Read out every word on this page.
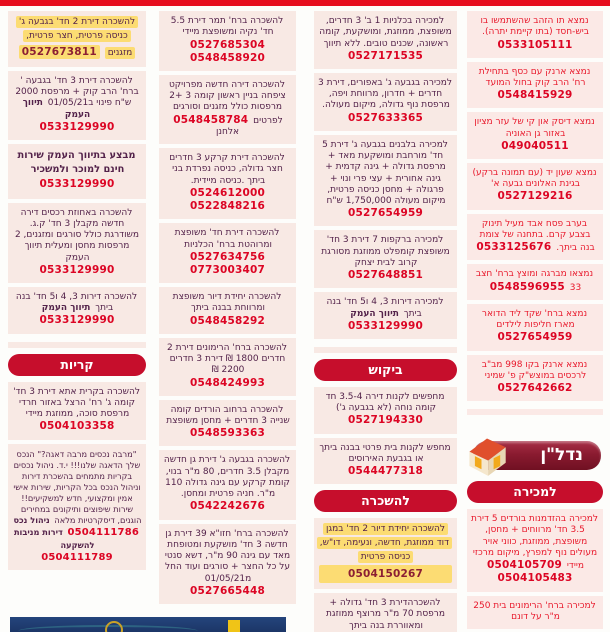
להשכרה דירת 2 חד' בגבעה ג' כניסה פרטית, חצר פרטית, מזגנים 0527673811
להשכרה דירת 3 חד' בגבעה ' ברח' הרב קוק + מרפסת 2000 ש"ח פינוי ב01/05/21 תיווך העמק
0533129990
מבצע בתיווך העמק שירות חינם למוכר ולמשכיר 0533129990
להשכרה באחוזת רכסים דירה חדשה מקבלן 3 חד' ק.ג. משודרגת כולל סורגים ומזגנים, 2 מרפסות מחסן ומעלית תיווך העמק
0533129990
להשכרה דירות 3, 4 ו5 חד' בנה ביתך תיווך העמק
0533129990
קריות
להשכרה בקרית אתא דירת 3 חד' קומה ג' רח' הרצל באזור חרדי מרפסת סוכה, ממוזגת מיידי 0504103358
"מרבה נכסים מרבה דאגה?" הנכס שלך הדאגה שלנו!!! י.ד. ניהול נכסים בקריות מתמחים בהשכרת דירות וניהול הנכס בכל הקריות, שירות אישי אמין ומקצועי, חדש למשקיעים!! שירות שיפוצים ותיקונים במחירים הוגנים, דיסקרטיות מלאה ניהול נכס 0504111786 דירות מניבות להשקעה
0504111789
להשכרה ברח' תמר דירת 5.5 חד' נקיה ומשופצת מיידי 0527685304
0548458920
להשכרה דירה חדשה מפרויקט ציפחה בניין ראשון קומה 3 +2 מרפסות כולל מזגנים וסורגים לפרטים 0548458784 אלחנן
להשכרה דירת קרקע 3 חדרים חצר גדולה, כניסה נפרדת בני ביתך .כניסה מיידית. 0524612000
0522848216
להשכרה דירת חד' משופצת ומרוהטת ברח' הכלניות 0527634756
0773003407
להשכרה יחידת דיור משופצת ומרווחת בבנה ביתך
0548458292
להשכרה ברח' הרימונים דירת 2 חדרים 1800 ₪ דירת 3 חדרים 2200 ₪
0548424993
להשכרה ברחוב הורדים קומה שנייה 3 חדרים + מחסן משופצת 0548593363
להשכרה בגבעה ג' דירת גן חדשה מקבלן 3.5 חדרים, 80 מ"ר בנוי, קומת קרקע עם גינה גדולה 110 מ"ר. חניה פרטית ומחסן. 0542242676
להשכרה ברח' חזו"א 39 דירת גן חדשה 3 חד' מושקעת ומטופחת מאד עם גינה 90 מ"ר, דשא סנטי על כל החצר + סורגים ועוד החל מ01/05/21
0527665448
למכירה בכלניות 1 ב' 3 חדרים, משופצת, ממוזגת, ומושקעת, קומה ראשונה, שכנים טובים. ללא תיווך
0527171535
למכירה בגבעה ג' באפורים, דירת 3 חדרים + חדרון, מרווחת ויפה, מרפסת נוף גדולה, מיקום מעולה.
0527633365
למכירה בלבנים בגבעה ג' דירת 5 חד' מורחבת ומושקעת מאד + מרפסת גדולה + גינה קדמית + גינה אחורית + עצי פרי ונוי + פרגולה + מחסן כניסה פרטית, מיקום מעולה 1,750,000 ש"ח
0527654959
למכירה ברקפות 7 דירת 3 חד' משופצת קומפלט ממוזגת מסורגת קרוב לבית יצחק
0527648851
למכירה דירות 3, 4 ו5 חד' בנה ביתך תיווך העמק
0533129990
ביקוש
מחפשים לקנות דירה 3.5-4 חד קומה נוחה (לא בגבעה ג')
0527194330
מחפש לקנות בית פרטי בבנה ביתך או בגבעת האירוסים
0544477318
להשכרה
להשכרה יחידת דיור 2 חד' במגן דוד ממוזגת, חדשה, ונעימה, דו"ש, כניסה פרטית
0504150267
להשכרהדירת 3 חד' גדולה + מרפסת 70 מ"ר מרוצף ממוזגת ומאווררת בנה ביתך
נמצא תו הזהב שהשתמשו בו ביש-חסד (בתו קיימת יתרה).
0533105111
נמצא ארנק עם כסף בתחילת רח' הרב קוק בחול המועד
0548415929
נמצא דיסק און קי של עזר מציון באזור גן האוניה
049040511
נמצא שעון יד (עם תמונה ברקע) בגינת האלונים גבעה א' 0527129216
בערב פסח אבד מעיל תינוק בצבע קרם. בתחנה של צומת בנה ביתך. 0533125676
נמצאו מברגה ומוצץ ברח' חצב 33 0548596955
נמצא ברח' שקד ליד הדואר מארז חליפות לילדים
0527654959
נמצא ארנק בקו 998 מב"ב לרכסים במוצש"ק פ' שמיני
0527642662
נדל"ן
למכירה
למכירה בהזדמנות בורדים 5 דירת 3.5 חד' מרווחים + מחסן, משופצת, ממוזגת, כווני אויר מעולים נוף למפרץ, מיקום מרכזי מיידי 0504105709
0504105483
למכירה ברח' הרימונים בית 250 מ"ר על דונם
